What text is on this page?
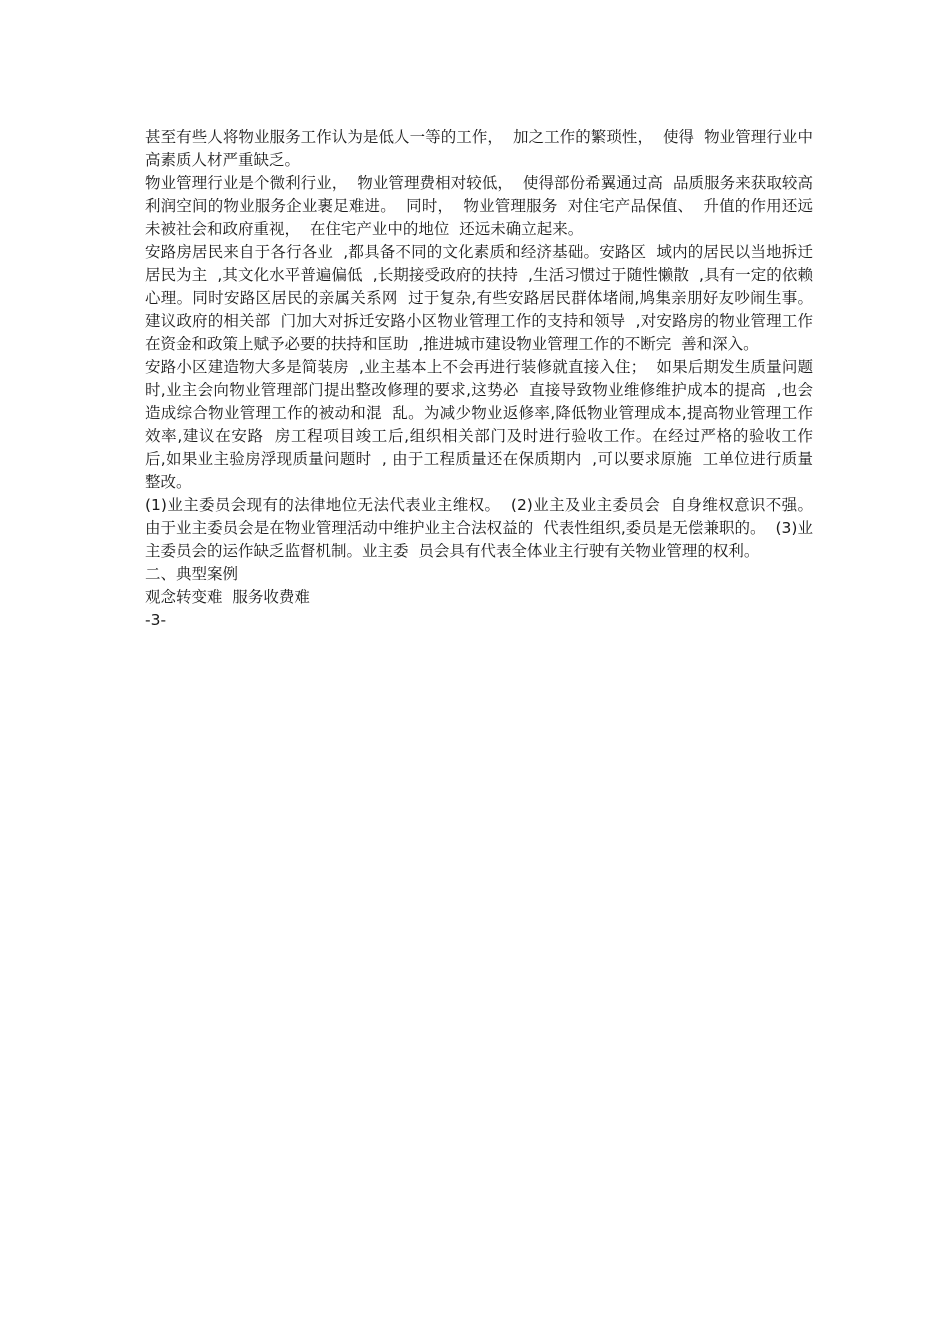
甚至有些人将物业服务工作认为是低人一等的工作，  加之工作的繁琐性，  使得  物业管理行业中高素质人材严重缺乏。

物业管理行业是个微利行业，  物业管理费相对较低，  使得部份希翼通过高  品质服务来获取较高利润空间的物业服务企业裹足难进。  同时，  物业管理服务  对住宅产品保值、  升值的作用还远未被社会和政府重视，  在住宅产业中的地位  还远未确立起来。

安路房居民来自于各行各业  ,都具备不同的文化素质和经济基础。安路区  域内的居民以当地拆迁居民为主  ,其文化水平普遍偏低  ,长期接受政府的扶持  ,生活习惯过于随性懒散  ,具有一定的依赖心理。同时安路区居民的亲属关系网  过于复杂,有些安路居民群体堵闹,鸠集亲朋好友吵闹生事。建议政府的相关部  门加大对拆迁安路小区物业管理工作的支持和领导  ,对安路房的物业管理工作  在资金和政策上赋予必要的扶持和匡助  ,推进城市建设物业管理工作的不断完  善和深入。

安路小区建造物大多是简装房  ,业主基本上不会再进行装修就直接入住；  如果后期发生质量问题时,业主会向物业管理部门提出整改修理的要求,这势必  直接导致物业维修维护成本的提高  ,也会造成综合物业管理工作的被动和混  乱。为减少物业返修率,降低物业管理成本,提高物业管理工作效率,建议在安路  房工程项目竣工后,组织相关部门及时进行验收工作。在经过严格的验收工作  后,如果业主验房浮现质量问题时  , 由于工程质量还在保质期内  ,可以要求原施  工单位进行质量整改。

(1)业主委员会现有的法律地位无法代表业主维权。  (2)业主及业主委员会  自身维权意识不强。  由于业主委员会是在物业管理活动中维护业主合法权益的  代表性组织,委员是无偿兼职的。  (3)业主委员会的运作缺乏监督机制。业主委  员会具有代表全体业主行驶有关物业管理的权利。

二、典型案例

观念转变难  服务收费难

-3-
